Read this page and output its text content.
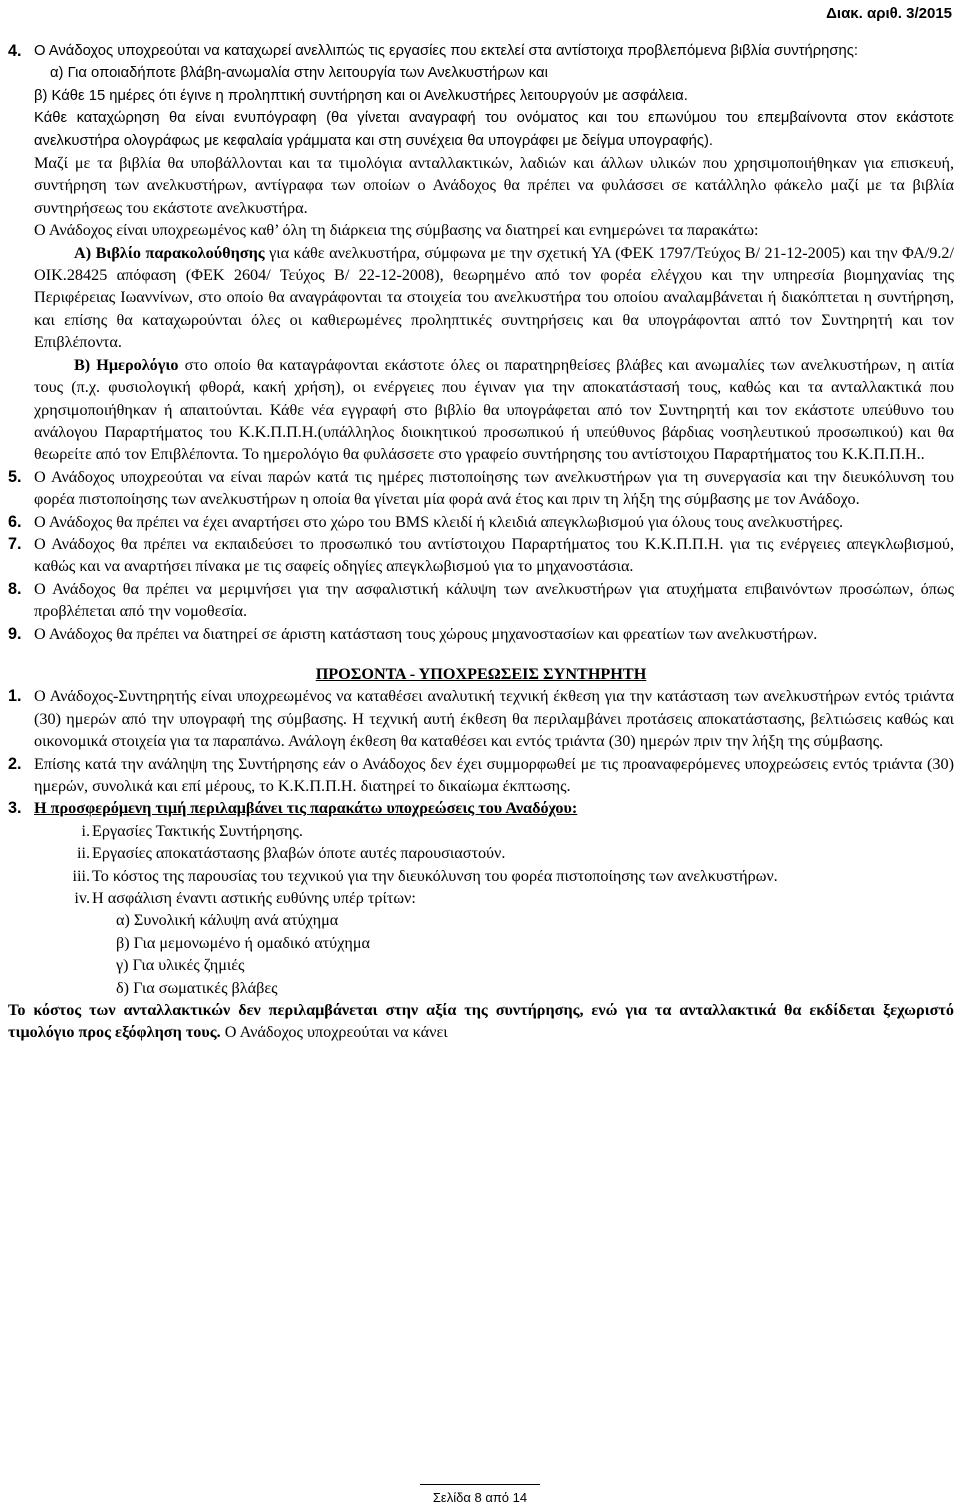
Διακ. αριθ. 3/2015
4. Ο Ανάδοχος υποχρεούται να καταχωρεί ανελλιπώς τις εργασίες που εκτελεί στα αντίστοιχα προβλεπόμενα βιβλία συντήρησης:

α) Για οποιαδήποτε βλάβη-ανωμαλία στην λειτουργία των Ανελκυστήρων και

β) Κάθε 15 ημέρες ότι έγινε η προληπτική συντήρηση και οι Ανελκυστήρες λειτουργούν με ασφάλεια.

Κάθε καταχώρηση θα είναι ενυπόγραφη (θα γίνεται αναγραφή του ονόματος και του επωνύμου του επεμβαίνοντα στον εκάστοτε ανελκυστήρα ολογράφως με κεφαλαία γράμματα και στη συνέχεια θα υπογράφει με δείγμα υπογραφής).

Μαζί με τα βιβλία θα υποβάλλονται και τα τιμολόγια ανταλλακτικών, λαδιών και άλλων υλικών που χρησιμοποιήθηκαν για επισκευή, συντήρηση των ανελκυστήρων, αντίγραφα των οποίων ο Ανάδοχος θα πρέπει να φυλάσσει σε κατάλληλο φάκελο μαζί με τα βιβλία συντηρήσεως του εκάστοτε ανελκυστήρα.

Ο Ανάδοχος είναι υποχρεωμένος καθ’ όλη τη διάρκεια της σύμβασης να διατηρεί και ενημερώνει τα παρακάτω:

Α) Βιβλίο παρακολούθησης για κάθε ανελκυστήρα, σύμφωνα με την σχετική ΥΑ (ΦΕΚ 1797/Τεύχος Β/ 21-12-2005) και την ΦΑ/9.2/ΟΙΚ.28425 απόφαση (ΦΕΚ 2604/ Τεύχος Β/ 22-12-2008), θεωρημένο από τον φορέα ελέγχου και την υπηρεσία βιομηχανίας της Περιφέρειας Ιωαννίνων, στο οποίο θα αναγράφονται τα στοιχεία του ανελκυστήρα του οποίου αναλαμβάνεται ή διακόπτεται η συντήρηση, και επίσης θα καταχωρούνται όλες οι καθιερωμένες προληπτικές συντηρήσεις και θα υπογράφονται απτό τον Συντηρητή και τον Επιβλέποντα.

Β) Ημερολόγιο στο οποίο θα καταγράφονται εκάστοτε όλες οι παρατηρηθείσες βλάβες και ανωμαλίες των ανελκυστήρων, η αιτία τους (π.χ. φυσιολογική φθορά, κακή χρήση), οι ενέργειες που έγιναν για την αποκατάστασή τους, καθώς και τα ανταλλακτικά που χρησιμοποιήθηκαν ή απαιτούνται. Κάθε νέα εγγραφή στο βιβλίο θα υπογράφεται από τον Συντηρητή και τον εκάστοτε υπεύθυνο του ανάλογου Παραρτήματος του Κ.Κ.Π.Π.Η.(υπάλληλος διοικητικού προσωπικού ή υπεύθυνος βάρδιας νοσηλευτικού προσωπικού) και θα θεωρείτε από τον Επιβλέποντα. Το ημερολόγιο θα φυλάσσετε στο γραφείο συντήρησης του αντίστοιχου Παραρτήματος του Κ.Κ.Π.Π.Η..

5. Ο Ανάδοχος υποχρεούται να είναι παρών κατά τις ημέρες πιστοποίησης των ανελκυστήρων για τη συνεργασία και την διευκόλυνση του φορέα πιστοποίησης των ανελκυστήρων η οποία θα γίνεται μία φορά ανά έτος και πριν τη λήξη της σύμβασης με τον Ανάδοχο.
6. Ο Ανάδοχος θα πρέπει να έχει αναρτήσει στο χώρο του BMS κλειδί ή κλειδιά απεγκλωβισμού για όλους τους ανελκυστήρες.
7. Ο Ανάδοχος θα πρέπει να εκπαιδεύσει το προσωπικό του αντίστοιχου Παραρτήματος του Κ.Κ.Π.Π.Η. για τις ενέργειες απεγκλωβισμού, καθώς και να αναρτήσει πίνακα με τις σαφείς οδηγίες απεγκλωβισμού για το μηχανοστάσια.
8. Ο Ανάδοχος θα πρέπει να μεριμνήσει για την ασφαλιστική κάλυψη των ανελκυστήρων για ατυχήματα επιβαινόντων προσώπων, όπως προβλέπεται από την νομοθεσία.
9. Ο Ανάδοχος θα πρέπει να διατηρεί σε άριστη κατάσταση τους χώρους μηχανοστασίων και φρεατίων των ανελκυστήρων.

ΠΡΟΣΟΝΤΑ - ΥΠΟΧΡΕΩΣΕΙΣ ΣΥΝΤΗΡΗΤΗ

1. Ο Ανάδοχος-Συντηρητής είναι υποχρεωμένος να καταθέσει αναλυτική τεχνική έκθεση για την κατάσταση των ανελκυστήρων εντός τριάντα (30) ημερών από την υπογραφή της σύμβασης. Η τεχνική αυτή έκθεση θα περιλαμβάνει προτάσεις αποκατάστασης, βελτιώσεις καθώς και οικονομικά στοιχεία για τα παραπάνω. Ανάλογη έκθεση θα καταθέσει και εντός τριάντα (30) ημερών πριν την λήξη της σύμβασης.
2. Επίσης κατά την ανάληψη της Συντήρησης εάν ο Ανάδοχος δεν έχει συμμορφωθεί με τις προαναφερόμενες υποχρεώσεις εντός τριάντα (30) ημερών, συνολικά και επί μέρους, το Κ.Κ.Π.Π.Η. διατηρεί το δικαίωμα έκπτωσης.
3. Η προσφερόμενη τιμή περιλαμβάνει τις παρακάτω υποχρεώσεις του Αναδόχου:
i. Εργασίες Τακτικής Συντήρησης.
ii. Εργασίες αποκατάστασης βλαβών όποτε αυτές παρουσιαστούν.
iii. Το κόστος της παρουσίας του τεχνικού για την διευκόλυνση του φορέα πιστοποίησης των ανελκυστήρων.
iv. Η ασφάλιση έναντι αστικής ευθύνης υπέρ τρίτων:

α) Συνολική κάλυψη ανά ατύχημα

β) Για μεμονωμένο ή ομαδικό ατύχημα

γ) Για υλικές ζημιές

δ) Για σωματικές βλάβες

Το κόστος των ανταλλακτικών δεν περιλαμβάνεται στην αξία της συντήρησης, ενώ για τα ανταλλακτικά θα εκδίδεται ξεχωριστό τιμολόγιο προς εξόφληση τους. Ο Ανάδοχος υποχρεούται να κάνει

Σελίδα 8 από 14
